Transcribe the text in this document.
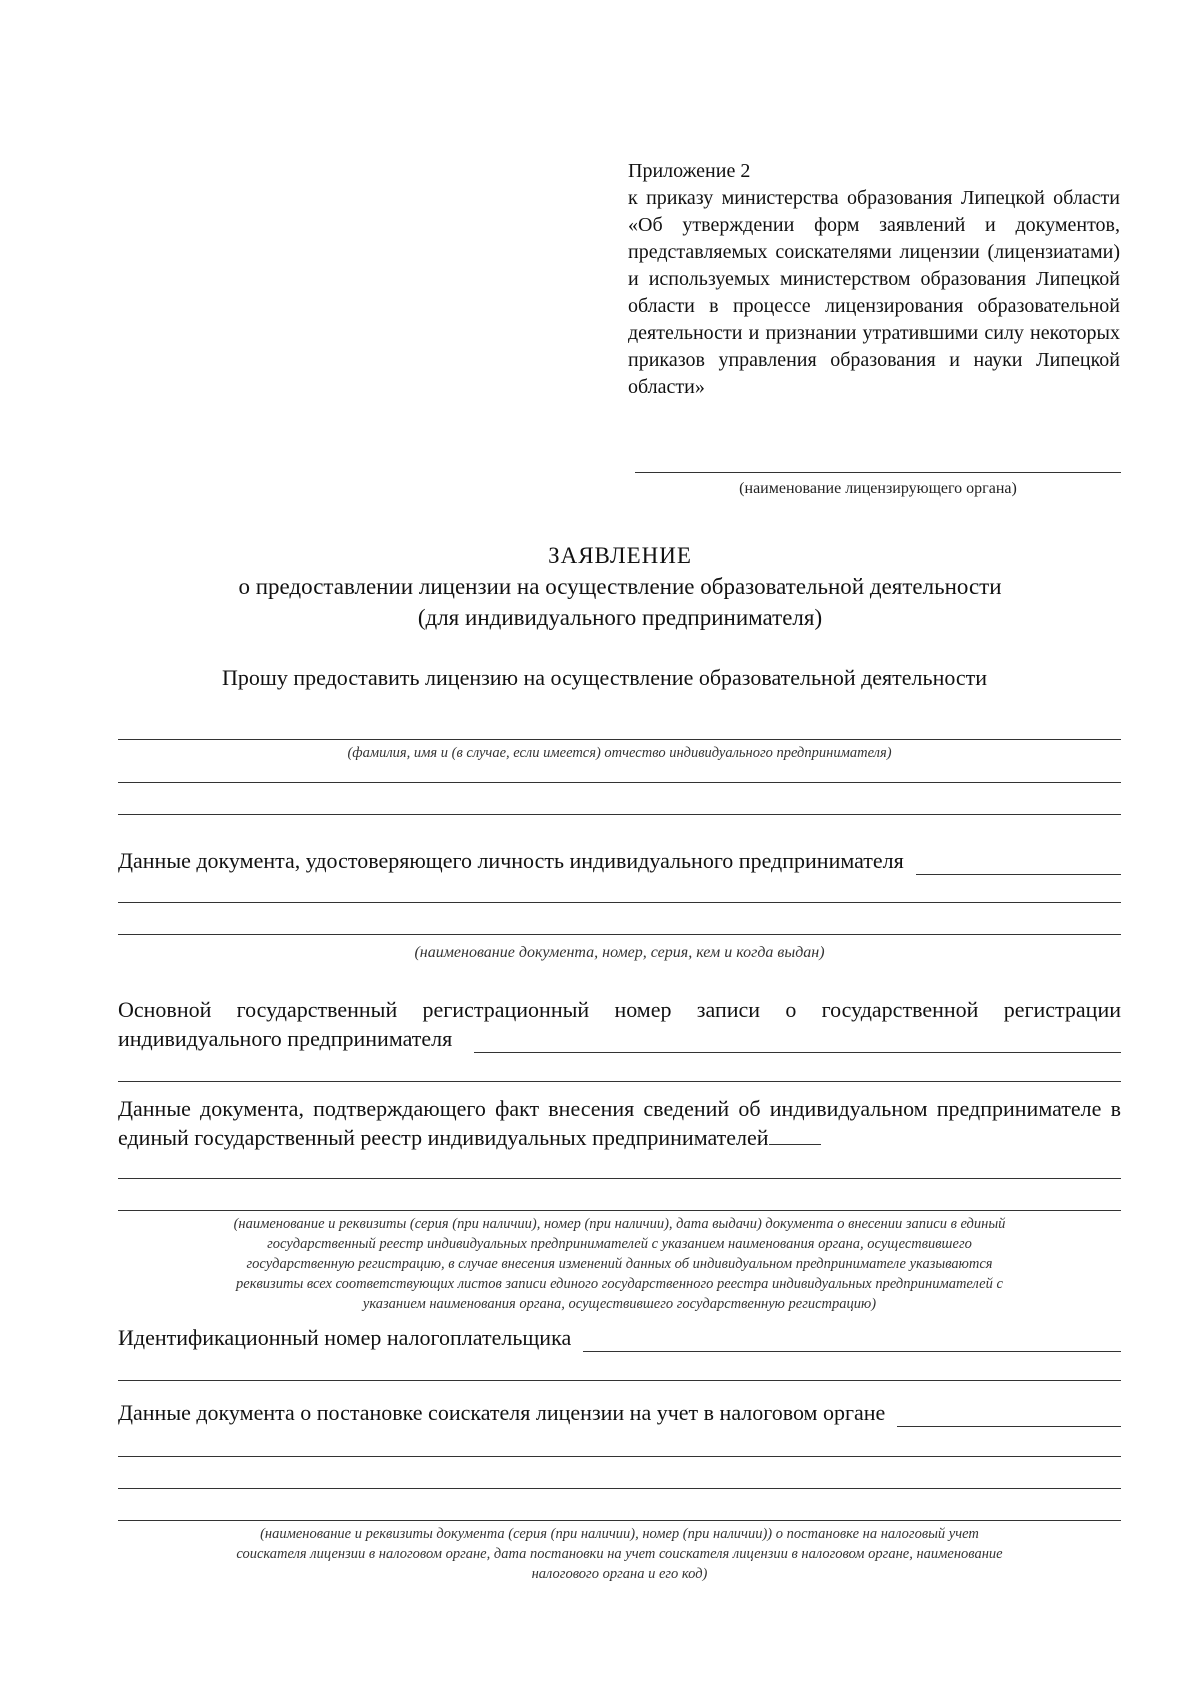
Приложение 2
к приказу министерства образования Липецкой области «Об утверждении форм заявлений и документов, представляемых соискателями лицензии (лицензиатами) и используемых министерством образования Липецкой области в процессе лицензирования образовательной деятельности и признании утратившими силу некоторых приказов управления образования и науки Липецкой области»
(наименование лицензирующего органа)
ЗАЯВЛЕНИЕ
о предоставлении лицензии на осуществление образовательной деятельности
(для индивидуального предпринимателя)
Прошу предоставить лицензию на осуществление образовательной деятельности
(фамилия, имя и (в случае, если имеется) отчество индивидуального предпринимателя)
Данные документа, удостоверяющего личность индивидуального предпринимателя
(наименование документа, номер, серия, кем и когда выдан)
Основной государственный регистрационный номер записи о государственной регистрации
индивидуального предпринимателя
Данные документа, подтверждающего факт внесения сведений об индивидуальном предпринимателе в единый государственный реестр индивидуальных предпринимателей
(наименование и реквизиты (серия (при наличии), номер (при наличии), дата выдачи) документа о внесении записи в единый
государственный реестр индивидуальных предпринимателей с указанием наименования органа, осуществившего
государственную регистрацию, в случае внесения изменений данных об индивидуальном предпринимателе указываются
реквизиты всех соответствующих листов записи единого государственного реестра индивидуальных предпринимателей с
указанием наименования органа, осуществившего государственную регистрацию)
Идентификационный номер налогоплательщика
Данные документа о постановке соискателя лицензии на учет в налоговом органе
(наименование и реквизиты документа (серия (при наличии), номер (при наличии)) о постановке на налоговый учет
соискателя лицензии в налоговом органе, дата постановки на учет соискателя лицензии в налоговом органе, наименование
налогового органа и его код)
